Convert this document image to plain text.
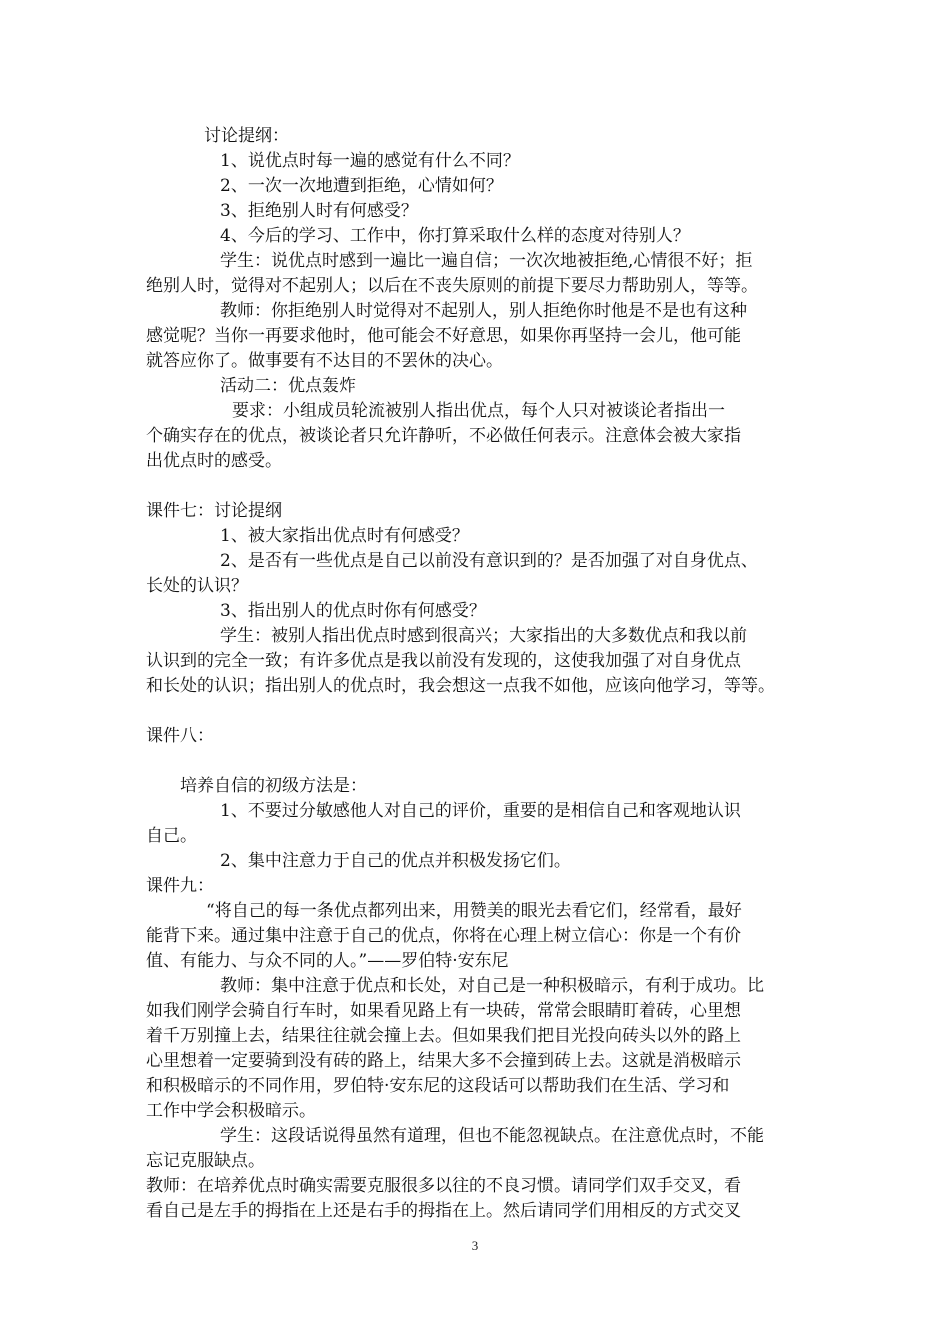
讨论提纲：

1、说优点时每一遍的感觉有什么不同？

2、一次一次地遭到拒绝，心情如何？

3、拒绝别人时有何感受？

4、今后的学习、工作中，你打算采取什么样的态度对待别人？

学生：说优点时感到一遍比一遍自信；一次次地被拒绝,心情很不好；拒

绝别人时，觉得对不起别人；以后在不丧失原则的前提下要尽力帮助别人，等等。

教师：你拒绝别人时觉得对不起别人，别人拒绝你时他是不是也有这种

感觉呢？当你一再要求他时，他可能会不好意思，如果你再坚持一会儿，他可能

就答应你了。做事要有不达目的不罢休的决心。

活动二：优点轰炸

要求：小组成员轮流被别人指出优点，每个人只对被谈论者指出一

个确实存在的优点，被谈论者只允许静听，不必做任何表示。注意体会被大家指

出优点时的感受。

课件七：讨论提纲

1、被大家指出优点时有何感受？

2、是否有一些优点是自己以前没有意识到的？是否加强了对自身优点、

长处的认识？

3、指出别人的优点时你有何感受？

学生：被别人指出优点时感到很高兴；大家指出的大多数优点和我以前

认识到的完全一致；有许多优点是我以前没有发现的，这使我加强了对自身优点

和长处的认识；指出别人的优点时，我会想这一点我不如他，应该向他学习，等等。

课件八：

培养自信的初级方法是：

1、不要过分敏感他人对自己的评价，重要的是相信自己和客观地认识

自己。

2、集中注意力于自己的优点并积极发扬它们。

课件九：

“将自己的每一条优点都列出来，用赞美的眼光去看它们，经常看，最好

能背下来。通过集中注意于自己的优点，你将在心理上树立信心：你是一个有价

值、有能力、与众不同的人。”——罗伯特·安东尼

教师：集中注意于优点和长处，对自己是一种积极暗示，有利于成功。比

如我们刚学会骑自行车时，如果看见路上有一块砖，常常会眼睛盯着砖，心里想

着千万别撞上去，结果往往就会撞上去。但如果我们把目光投向砖头以外的路上

心里想着一定要骑到没有砖的路上，结果大多不会撞到砖上去。这就是消极暗示

和积极暗示的不同作用，罗伯特·安东尼的这段话可以帮助我们在生活、学习和

工作中学会积极暗示。

学生：这段话说得虽然有道理，但也不能忽视缺点。在注意优点时，不能

忘记克服缺点。

教师：在培养优点时确实需要克服很多以往的不良习惯。请同学们双手交叉，看

看自己是左手的拇指在上还是右手的拇指在上。然后请同学们用相反的方式交叉

3
